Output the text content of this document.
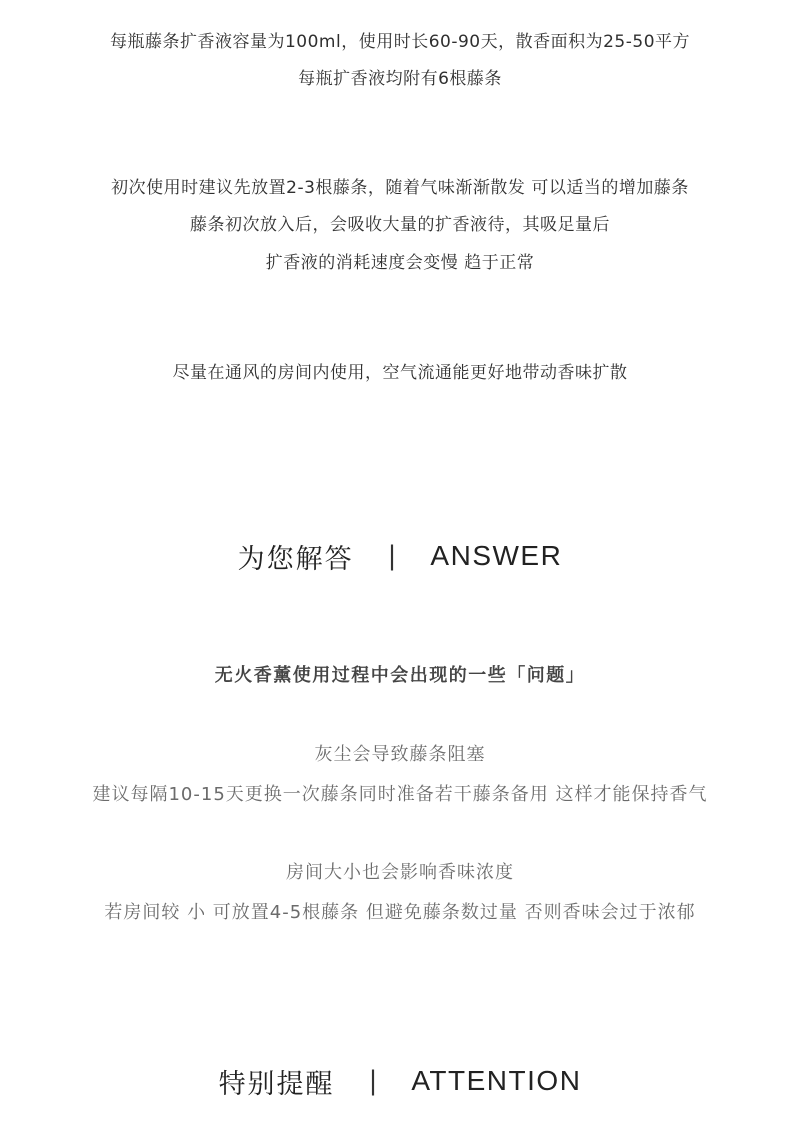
每瓶藤条扩香液容量为100ml，使用时长60-90天，散香面积为25-50平方
每瓶扩香液均附有6根藤条
初次使用时建议先放置2-3根藤条，随着气味渐渐散发 可以适当的增加藤条
藤条初次放入后，会吸收大量的扩香液待，其吸足量后
扩香液的消耗速度会变慢 趋于正常
尽量在通风的房间内使用，空气流通能更好地带动香味扩散
为您解答 | ANSWER
无火香薰使用过程中会出现的一些「问题」
灰尘会导致藤条阻塞
建议每隔10-15天更换一次藤条同时准备若干藤条备用 这样才能保持香气
房间大小也会影响香味浓度
若房间较 小 可放置4-5根藤条 但避免藤条数过量 否则香味会过于浓郁
特别提醒 | ATTENTION
